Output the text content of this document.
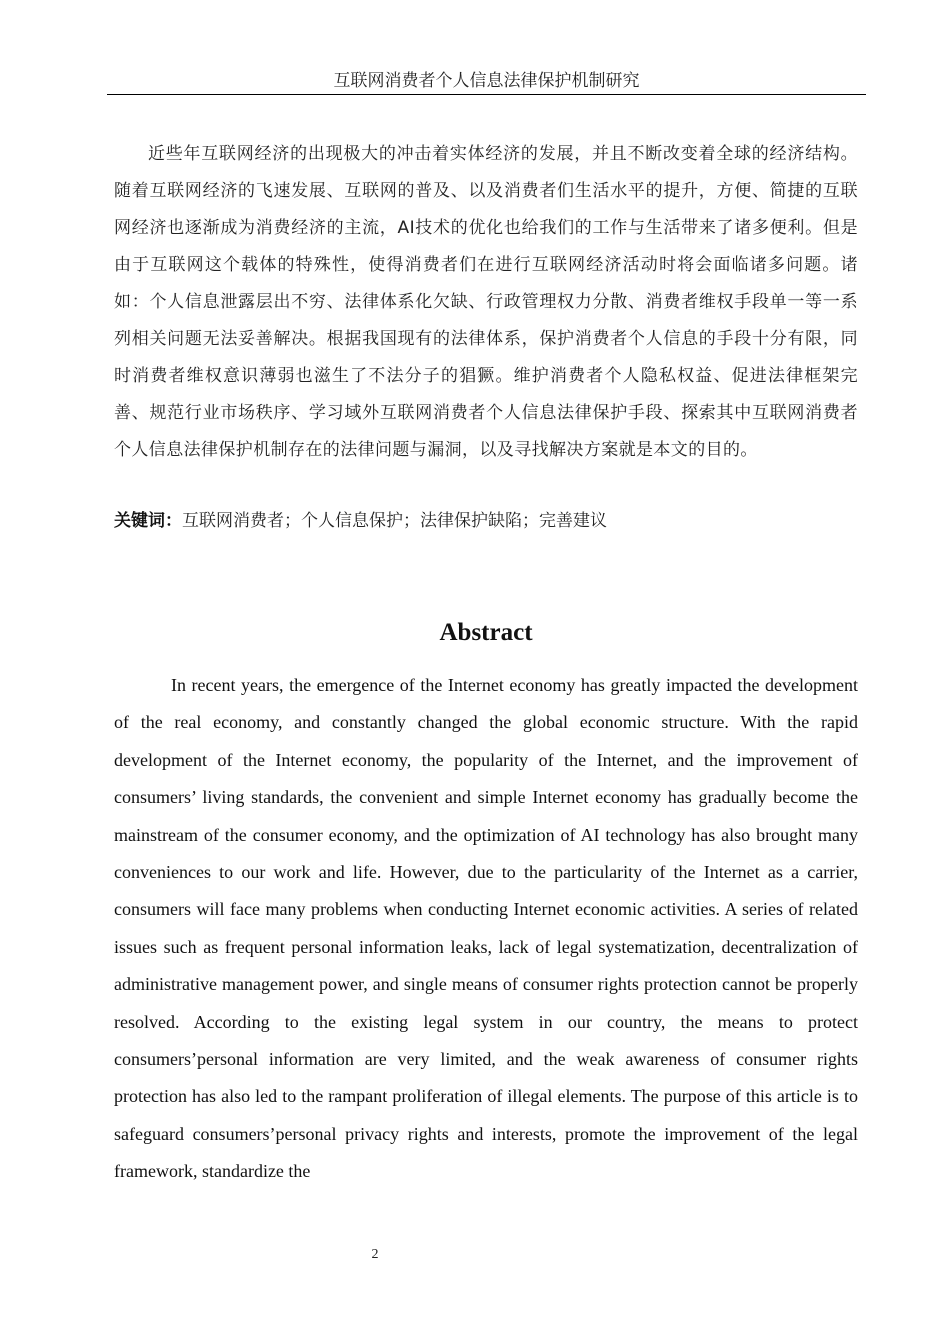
互联网消费者个人信息法律保护机制研究

近些年互联网经济的出现极大的冲击着实体经济的发展，并且不断改变着全球的经济结构。随着互联网经济的飞速发展、互联网的普及、以及消费者们生活水平的提升，方便、简捷的互联网经济也逐渐成为消费经济的主流，AI技术的优化也给我们的工作与生活带来了诸多便利。但是由于互联网这个载体的特殊性，使得消费者们在进行互联网经济活动时将会面临诸多问题。诸如：个人信息泄露层出不穷、法律体系化欠缺、行政管理权力分散、消费者维权手段单一等一系列相关问题无法妥善解决。根据我国现有的法律体系，保护消费者个人信息的手段十分有限，同时消费者维权意识薄弱也滋生了不法分子的猖獗。维护消费者个人隐私权益、促进法律框架完善、规范行业市场秩序、学习域外互联网消费者个人信息法律保护手段、探索其中互联网消费者个人信息法律保护机制存在的法律问题与漏洞，以及寻找解决方案就是本文的目的。

关键词：互联网消费者；个人信息保护；法律保护缺陷；完善建议
Abstract

In recent years, the emergence of the Internet economy has greatly impacted the development of the real economy, and constantly changed the global economic structure. With the rapid development of the Internet economy, the popularity of the Internet, and the improvement of consumers’ living standards, the convenient and simple Internet economy has gradually become the mainstream of the consumer economy, and the optimization of AI technology has also brought many conveniences to our work and life. However, due to the particularity of the Internet as a carrier, consumers will face many problems when conducting Internet economic activities. A series of related issues such as frequent personal information leaks, lack of legal systematization, decentralization of administrative management power, and single means of consumer rights protection cannot be properly resolved. According to the existing legal system in our country, the means to protect consumers’personal information are very limited, and the weak awareness of consumer rights protection has also led to the rampant proliferation of illegal elements. The purpose of this article is to safeguard consumers’personal privacy rights and interests, promote the improvement of the legal framework, standardize the

2
